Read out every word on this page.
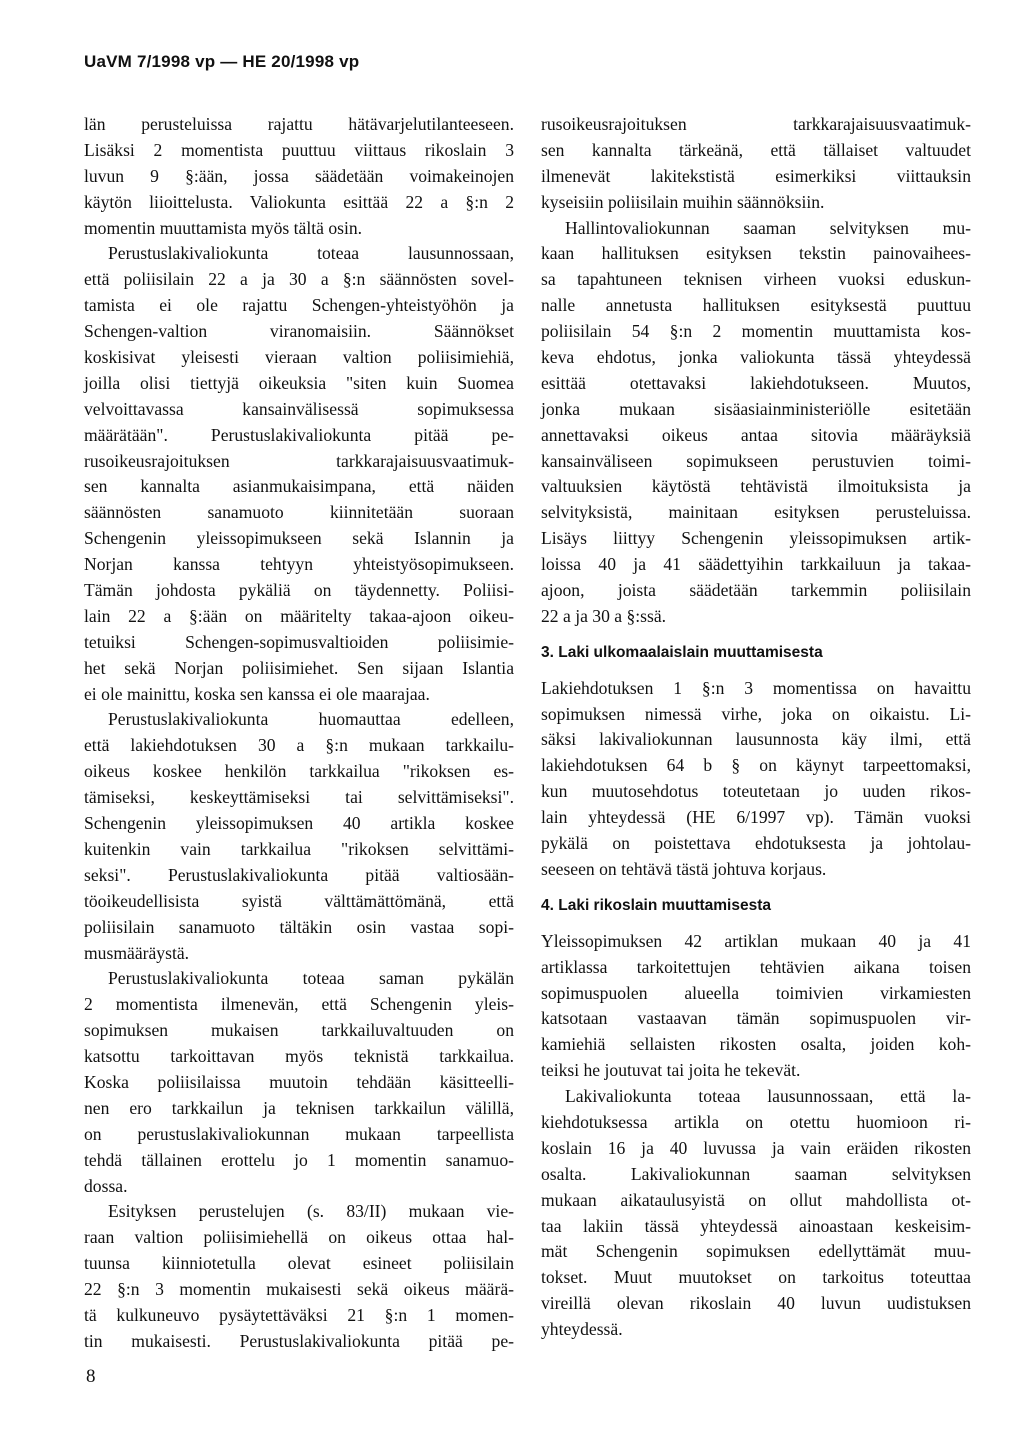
UaVM 7/1998 vp — HE 20/1998 vp
län perusteluissa rajattu hätävarjelutilanteeseen.
Lisäksi 2 momentista puuttuu viittaus rikoslain 3
luvun 9 §:ään, jossa säädetään voimakeinojen
käytön liioittelusta. Valiokunta esittää 22 a §:n 2
momentin muuttamista myös tältä osin.
Perustuslakivaliokunta toteaa lausunnossaan,
että poliisilain 22 a ja 30 a §:n säännösten sovel-
tamista ei ole rajattu Schengen-yhteistyöhön ja
Schengen-valtion viranomaisiin. Säännökset
koskisivat yleisesti vieraan valtion poliisimiehiä,
joilla olisi tiettyjä oikeuksia "siten kuin Suomea
velvoittavassa kansainvälisessä sopimuksessa
määrätään". Perustuslakivaliokunta pitää pe-
rusoikeusrajoituksen tarkkarajaisuusvaatimuk-
sen kannalta asianmukaisimpana, että näiden
säännösten sanamuoto kiinnitetään suoraan
Schengenin yleissopimukseen sekä Islannin ja
Norjan kanssa tehtyyn yhteistyösopimukseen.
Tämän johdosta pykäliä on täydennetty. Poliisi-
lain 22 a §:ään on määritelty takaa-ajoon oikeu-
tetuiksi Schengen-sopimusvaltioiden poliisimie-
het sekä Norjan poliisimiehet. Sen sijaan Islantia
ei ole mainittu, koska sen kanssa ei ole maarajaa.
Perustuslakivaliokunta huomauttaa edelleen,
että lakiehdotuksen 30 a §:n mukaan tarkkailu-
oikeus koskee henkilön tarkkailua "rikoksen es-
tämiseksi, keskeyttämiseksi tai selvittämiseksi".
Schengenin yleissopimuksen 40 artikla koskee
kuitenkin vain tarkkailua "rikoksen selvittämi-
seksi". Perustuslakivaliokunta pitää valtiosään-
töoikeudellisista syistä välttämättömänä, että
poliisilain sanamuoto tältäkin osin vastaa sopi-
musmääräystä.
Perustuslakivaliokunta toteaa saman pykälän
2 momentista ilmenevän, että Schengenin yleis-
sopimuksen mukaisen tarkkailuvaltuuden on
katsottu tarkoittavan myös teknistä tarkkailua.
Koska poliisilaissa muutoin tehdään käsitteelli-
nen ero tarkkailun ja teknisen tarkkailun välillä,
on perustuslakivaliokunnan mukaan tarpeellista
tehdä tällainen erottelu jo 1 momentin sanamuo-
dossa.
Esityksen perustelujen (s. 83/II) mukaan vie-
raan valtion poliisimiehellä on oikeus ottaa hal-
tuunsa kiinniotetulla olevat esineet poliisilain
22 §:n 3 momentin mukaisesti sekä oikeus määrä-
tä kulkuneuvo pysäytettäväksi 21 §:n 1 momen-
tin mukaisesti. Perustuslakivaliokunta pitää pe-
rusoikeusrajoituksen tarkkarajaisuusvaatimuk-
sen kannalta tärkeänä, että tällaiset valtuudet
ilmenevät lakitekstistä esimerkiksi viittauksin
kyseisiin poliisilain muihin säännöksiin.
Hallintovaliokunnan saaman selvityksen mu-
kaan hallituksen esityksen tekstin painovaihees-
sa tapahtuneen teknisen virheen vuoksi eduskun-
nalle annetusta hallituksen esityksestä puuttuu
poliisilain 54 §:n 2 momentin muuttamista kos-
keva ehdotus, jonka valiokunta tässä yhteydessä
esittää otettavaksi lakiehdotukseen. Muutos,
jonka mukaan sisäasiainministeriölle esitetään
annettavaksi oikeus antaa sitovia määräyksiä
kansainväliseen sopimukseen perustuvien toimi-
valtuuksien käytöstä tehtävistä ilmoituksista ja
selvityksistä, mainitaan esityksen perusteluissa.
Lisäys liittyy Schengenin yleissopimuksen artik-
loissa 40 ja 41 säädettyihin tarkkailuun ja takaa-
ajoon, joista säädetään tarkemmin poliisilain
22 a ja 30 a §:ssä.
3. Laki ulkomaalaislain muuttamisesta
Lakiehdotuksen 1 §:n 3 momentissa on havaittu
sopimuksen nimessä virhe, joka on oikaistu. Li-
säksi lakivaliokunnan lausunnosta käy ilmi, että
lakiehdotuksen 64 b § on käynyt tarpeettomaksi,
kun muutosehdotus toteutetaan jo uuden rikos-
lain yhteydessä (HE 6/1997 vp). Tämän vuoksi
pykälä on poistettava ehdotuksesta ja johtolau-
seeseen on tehtävä tästä johtuva korjaus.
4. Laki rikoslain muuttamisesta
Yleissopimuksen 42 artiklan mukaan 40 ja 41
artiklassa tarkoitettujen tehtävien aikana toisen
sopimuspuolen alueella toimivien virkamiesten
katsotaan vastaavan tämän sopimuspuolen vir-
kamiehiä sellaisten rikosten osalta, joiden koh-
teiksi he joutuvat tai joita he tekevät.
Lakivaliokunta toteaa lausunnossaan, että la-
kiehdotuksessa artikla on otettu huomioon ri-
koslain 16 ja 40 luvussa ja vain eräiden rikosten
osalta. Lakivaliokunnan saaman selvityksen
mukaan aikataulusyistä on ollut mahdollista ot-
taa lakiin tässä yhteydessä ainoastaan keskeisim-
mät Schengenin sopimuksen edellyttämät muu-
tokset. Muut muutokset on tarkoitus toteuttaa
vireillä olevan rikoslain 40 luvun uudistuksen
yhteydessä.
8
